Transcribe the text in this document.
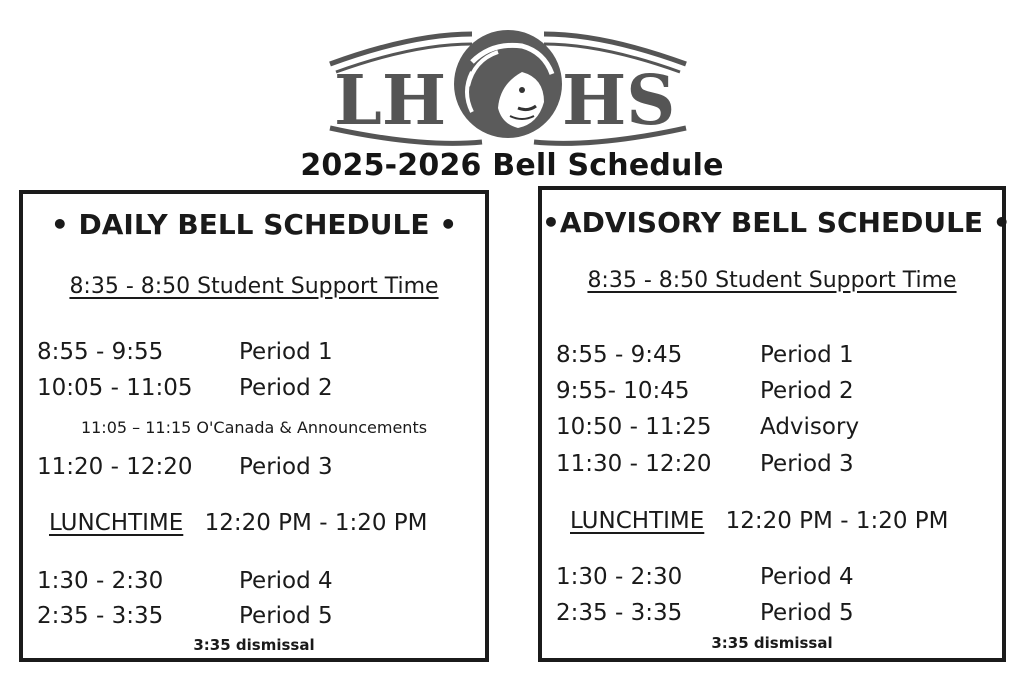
LH HS
2025-2026 Bell Schedule
• DAILY BELL SCHEDULE •
8:35 - 8:50 Student Support Time
8:55 - 9:55	Period 1
10:05 - 11:05 Period 2
11:05 – 11:15 O'Canada & Announcements
11:20 - 12:20 Period 3
LUNCHTIME 12:20 PM - 1:20 PM
1:30 - 2:30	Period 4
2:35 - 3:35	Period 5
3:35 dismissal
•ADVISORY BELL SCHEDULE •
8:35 - 8:50 Student Support Time
8:55 - 9:45	Period 1
9:55- 10:45	Period 2
10:50 - 11:25 Advisory
11:30 - 12:20 Period 3
LUNCHTIME 12:20 PM - 1:20 PM
1:30 - 2:30	Period 4
2:35 - 3:35	Period 5
3:35 dismissal
